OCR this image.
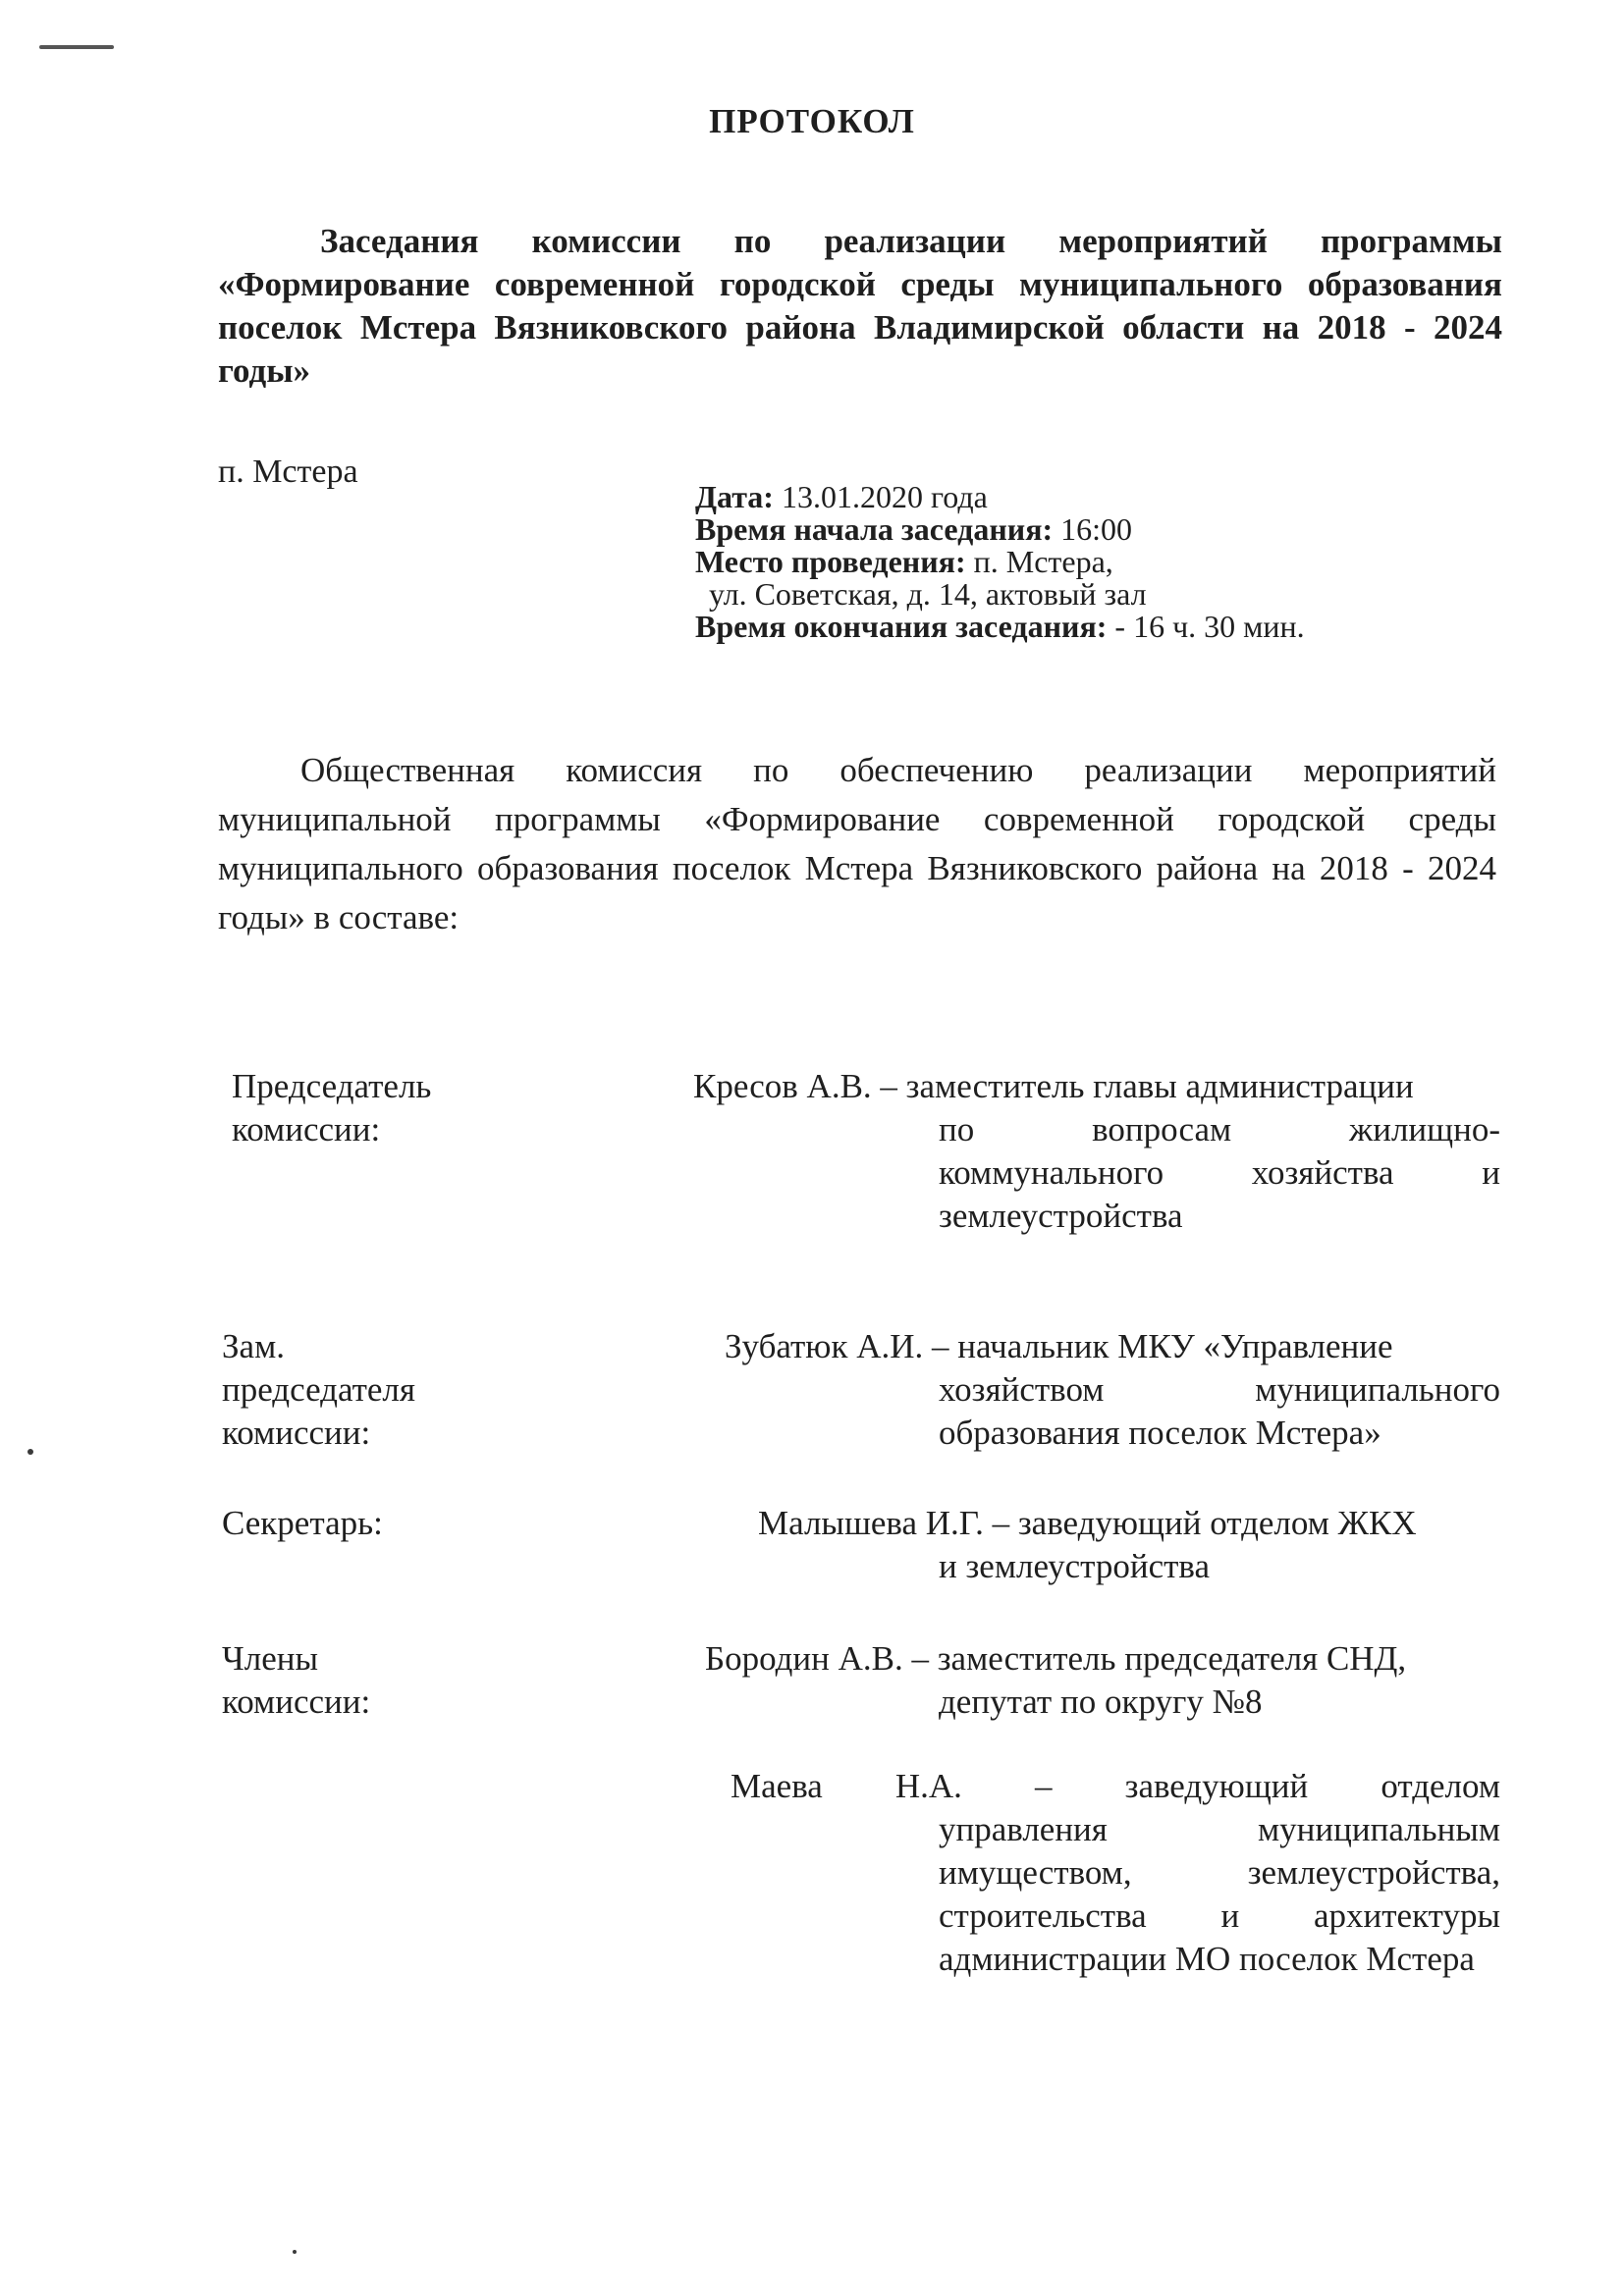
ПРОТОКОЛ
Заседания комиссии по реализации мероприятий программы «Формирование современной городской среды муниципального образования поселок Мстера Вязниковского района Владимирской области на 2018 - 2024 годы»
п. Мстера
Дата: 13.01.2020 года
Время начала заседания: 16:00
Место проведения: п. Мстера,
ул. Советская, д. 14, актовый зал
Время окончания заседания: - 16 ч. 30 мин.
Общественная комиссия по обеспечению реализации мероприятий муниципальной программы «Формирование современной городской среды муниципального образования поселок Мстера Вязниковского района на 2018 - 2024 годы» в составе:
Председатель комиссии:
Кресов А.В. – заместитель главы администрации
по вопросам жилищно-коммунального хозяйства и землеустройства
Зам. председателя комиссии:
Зубатюк А.И. – начальник МКУ «Управление
хозяйством муниципального образования поселок Мстера»
Секретарь:	Малышева И.Г. – заведующий отделом ЖКХ
и землеустройства
Члены комиссии:
Бородин А.В. – заместитель председателя СНД,
депутат по округу №8
Маева Н.А. – заведующий отделом
управления муниципальным имуществом, землеустройства, строительства и архитектуры администрации МО поселок Мстера
